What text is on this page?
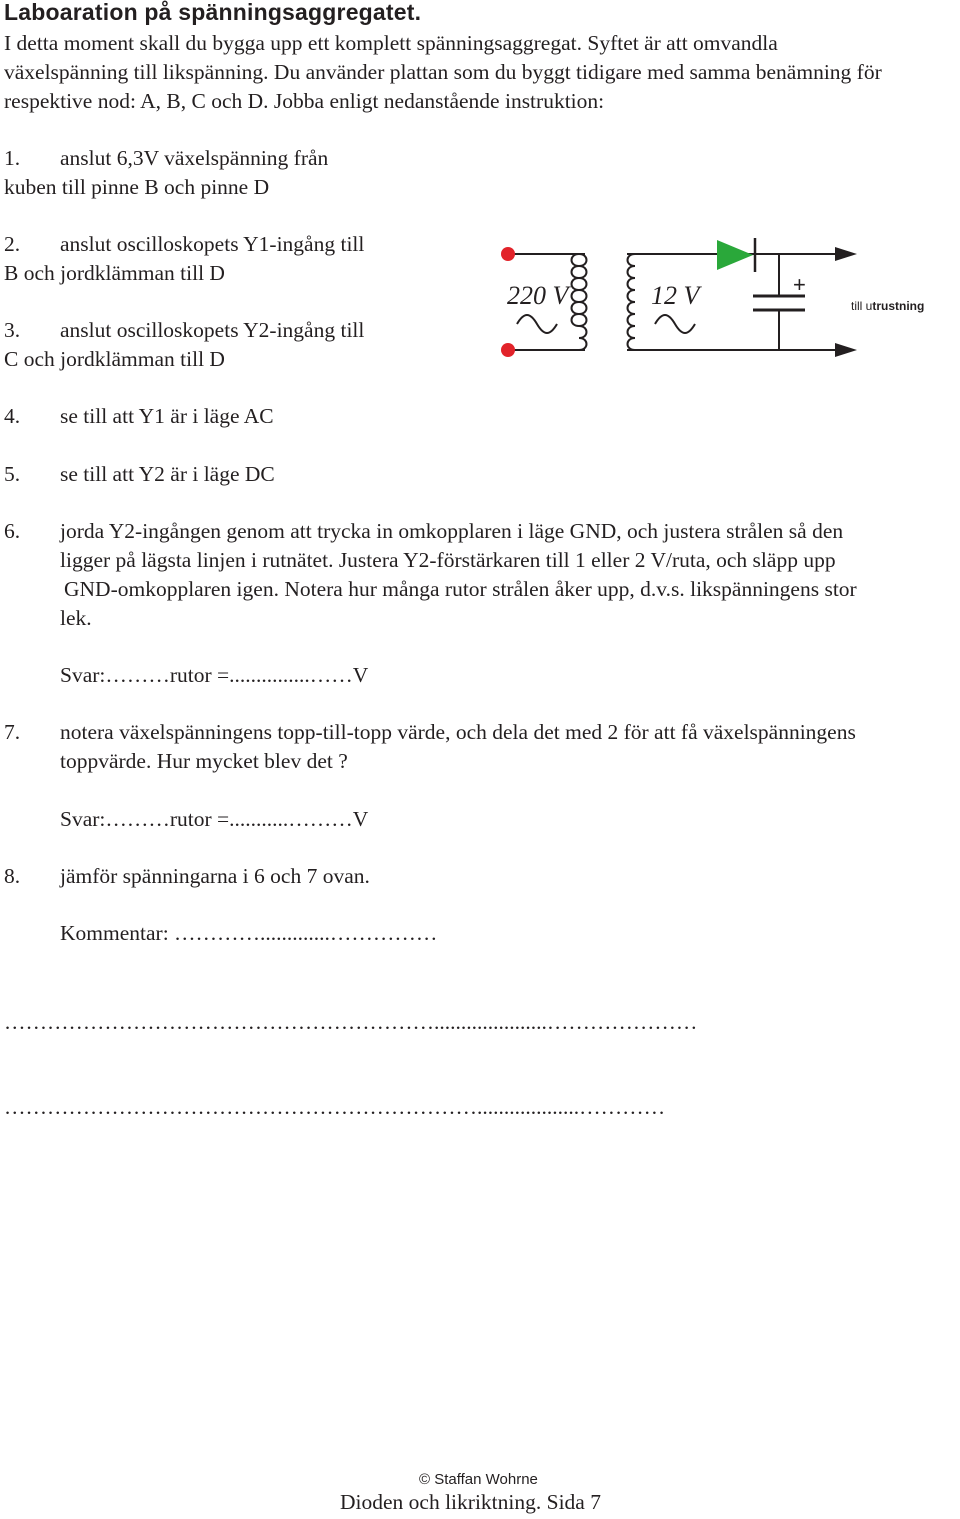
Laboaration på spänningsaggregatet.
I detta moment skall du bygga upp ett komplett spänningsaggregat. Syftet är att omvandla
växelspänning till likspänning. Du använder plattan som du byggt tidigare med samma benämning för
respektive nod: A, B, C och D. Jobba enligt nedanstående instruktion:
1. anslut 6,3V växelspänning från
kuben till pinne B och pinne D
2. anslut oscilloskopets Y1-ingång till
B och jordklämman till D
3. anslut oscilloskopets Y2-ingång till
C och jordklämman till D
4. se till att Y1 är i läge AC
5. se till att Y2 är i läge DC
6. jorda Y2-ingången genom att trycka in omkopplaren i läge GND, och justera strålen så den
ligger på lägsta linjen i rutnätet. Justera Y2-förstärkaren till 1 eller 2 V/ruta, och släpp upp
GND-omkopplaren igen. Notera hur många rutor strålen åker upp, d.v.s. likspänningens stor
lek.
Svar:………rutor =...............……V
7. notera växelspänningens topp-till-topp värde, och dela det med 2 för att få växelspänningens
toppvärde. Hur mycket blev det ?
Svar:………rutor =...........………V
8. jämför spänningarna i 6 och 7 ovan.
Kommentar: ………….............……………
…………………………………………………….....................…………………
…………………………………………………………...................…………
220 V	12 V	+
till utrustning
© Staffan Wohrne
Dioden och likriktning. Sida 7
